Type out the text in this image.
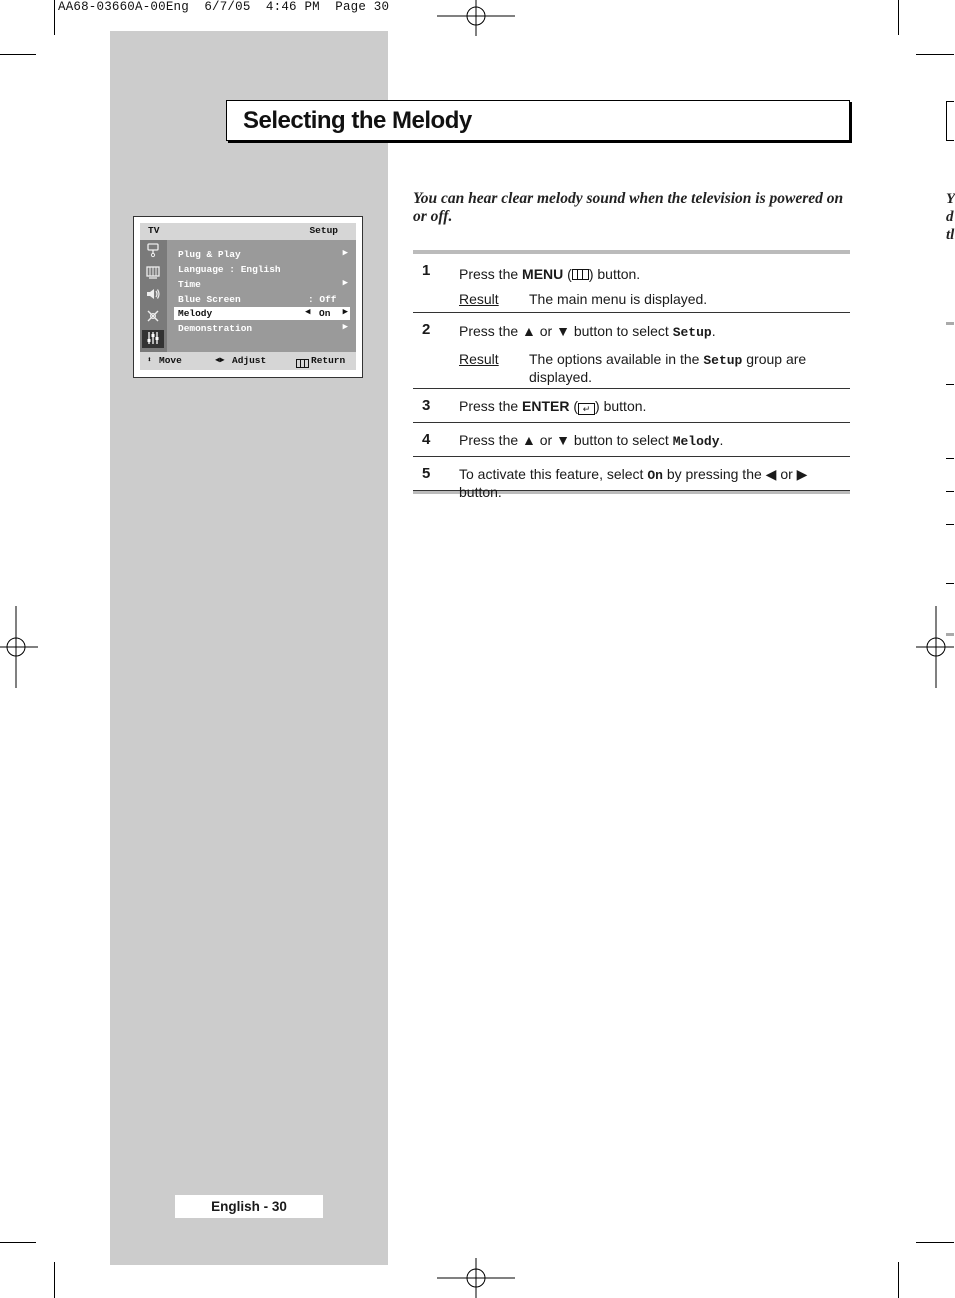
AA68-03660A-00Eng  6/7/05  4:46 PM  Page 30
Y
d
tl
Selecting the Melody
TV	Setup
Plug & Play	▶
Language : English
Time	▶
Blue Screen	: Off
Melody	◀ On ▶
Demonstration	▶
⬍ Move	◀▶ Adjust	Return
You can hear clear melody sound when the television is powered on or off.
1	Press the MENU ( ) button.
Result	The main menu is displayed.
2	Press the ▲ or ▼ button to select Setup.
Result	The options available in the Setup group are displayed.
3	Press the ENTER ( ↵ ) button.
4	Press the ▲ or ▼ button to select Melody.
5	To activate this feature, select On by pressing the ◀ or ▶ button.
English - 30
